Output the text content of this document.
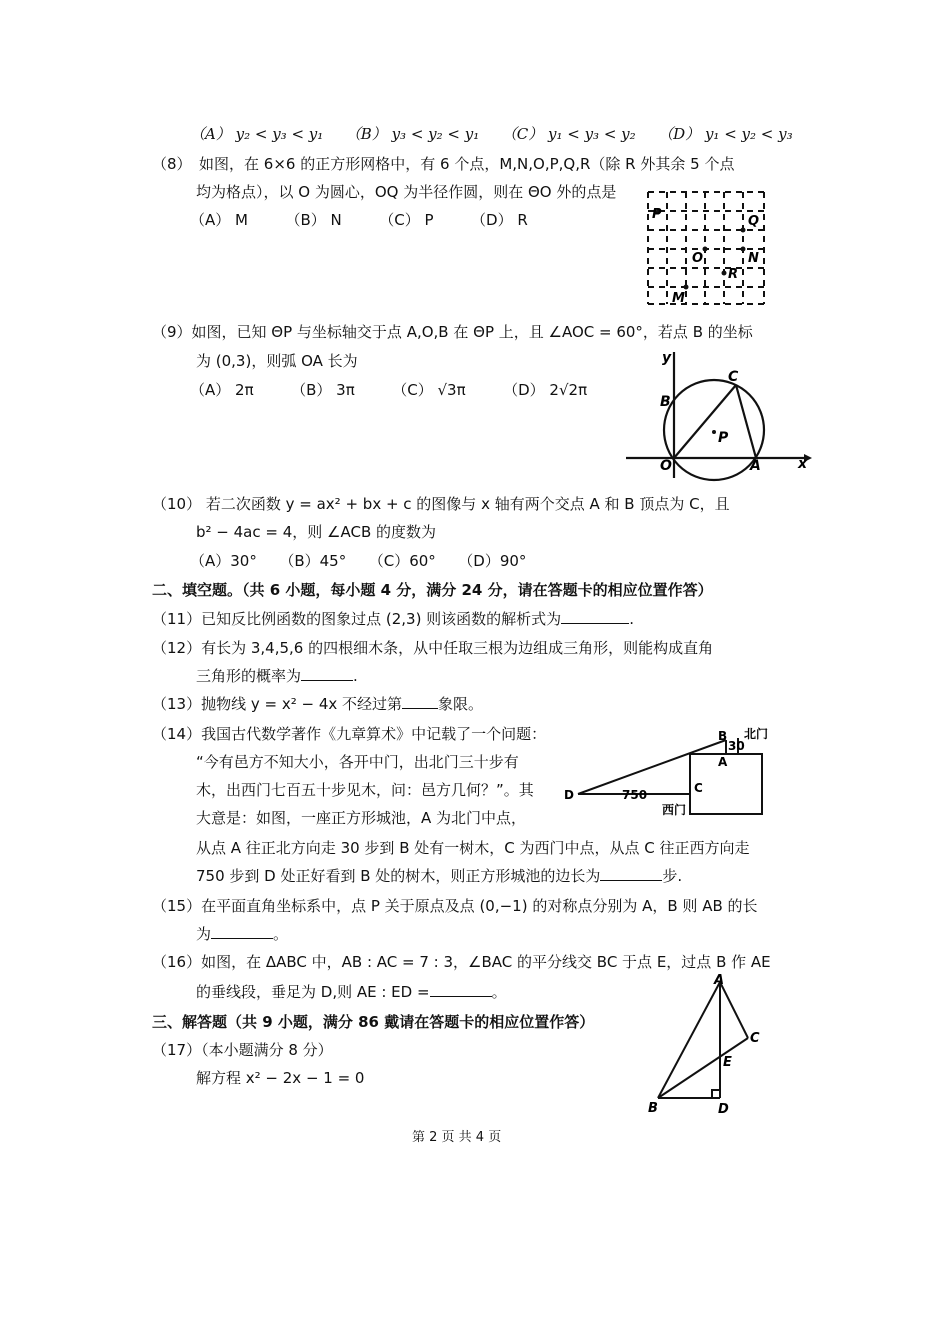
（A） y₂ < y₃ < y₁　　（B） y₃ < y₂ < y₁　　（C） y₁ < y₃ < y₂　　（D） y₁ < y₂ < y₃
（8）　如图，在 6×6 的正方形网格中，有 6 个点，M,N,O,P,Q,R（除 R 外其余 5 个点
均为格点），以 O 为圆心，OQ 为半径作圆，则在 ΘO 外的点是
（A） M　　　（B） N　　　（C） P　　　（D） R	P	Q
O	N
R
M
（9）如图，已知 ΘP 与坐标轴交于点 A,O,B 在 ΘP 上，且 ∠AOC = 60°，若点 B 的坐标
为 (0,3)，则弧 OA 长为
（A） 2π　　　（B） 3π　　　（C） √3π　　　（D） 2√2π
y
C
B
P
O	A	x
（10） 若二次函数 y = ax² + bx + c 的图像与 x 轴有两个交点 A 和 B 顶点为 C，且
b² − 4ac = 4，则 ∠ACB 的度数为
（A）30°　　（B）45°　　（C）60°　　（D）90°
二、填空题。（共 6 小题，每小题 4 分，满分 24 分，请在答题卡的相应位置作答）
（11）已知反比例函数的图象过点 (2,3) 则该函数的解析式为	.
（12）有长为 3,4,5,6 的四根细木条，从中任取三根为边组成三角形，则能构成直角
三角形的概率为	.
（13）抛物线 y = x² − 4x 不经过第 象限。
（14）我国古代数学著作《九章算术》中记载了一个问题：
“今有邑方不知大小，各开中门，出北门三十步有
木，出西门七百五十步见木，问：邑方几何？”。其
大意是：如图，一座正方形城池，A 为北门中点，
从点 A 往正北方向走 30 步到 B 处有一树木，C 为西门中点，从点 C 往正西方向走
750 步到 D 处正好看到 B 处的树木，则正方形城池的边长为	步.
B 北门
30
A
C
D	750
西门
（15）在平面直角坐标系中，点 P 关于原点及点 (0,−1) 的对称点分别为 A，B 则 AB 的长
为	。
（16）如图，在 ΔABC 中，AB : AC = 7 : 3，∠BAC 的平分线交 BC 于点 E，过点 B 作 AE
的垂线段，垂足为 D,则 AE : ED =	。
三、解答题（共 9 小题，满分 86 戴请在答题卡的相应位置作答）
（17）（本小题满分 8 分）
解方程 x² − 2x − 1 = 0
A
C
E
B	D
第 2 页 共 4 页
